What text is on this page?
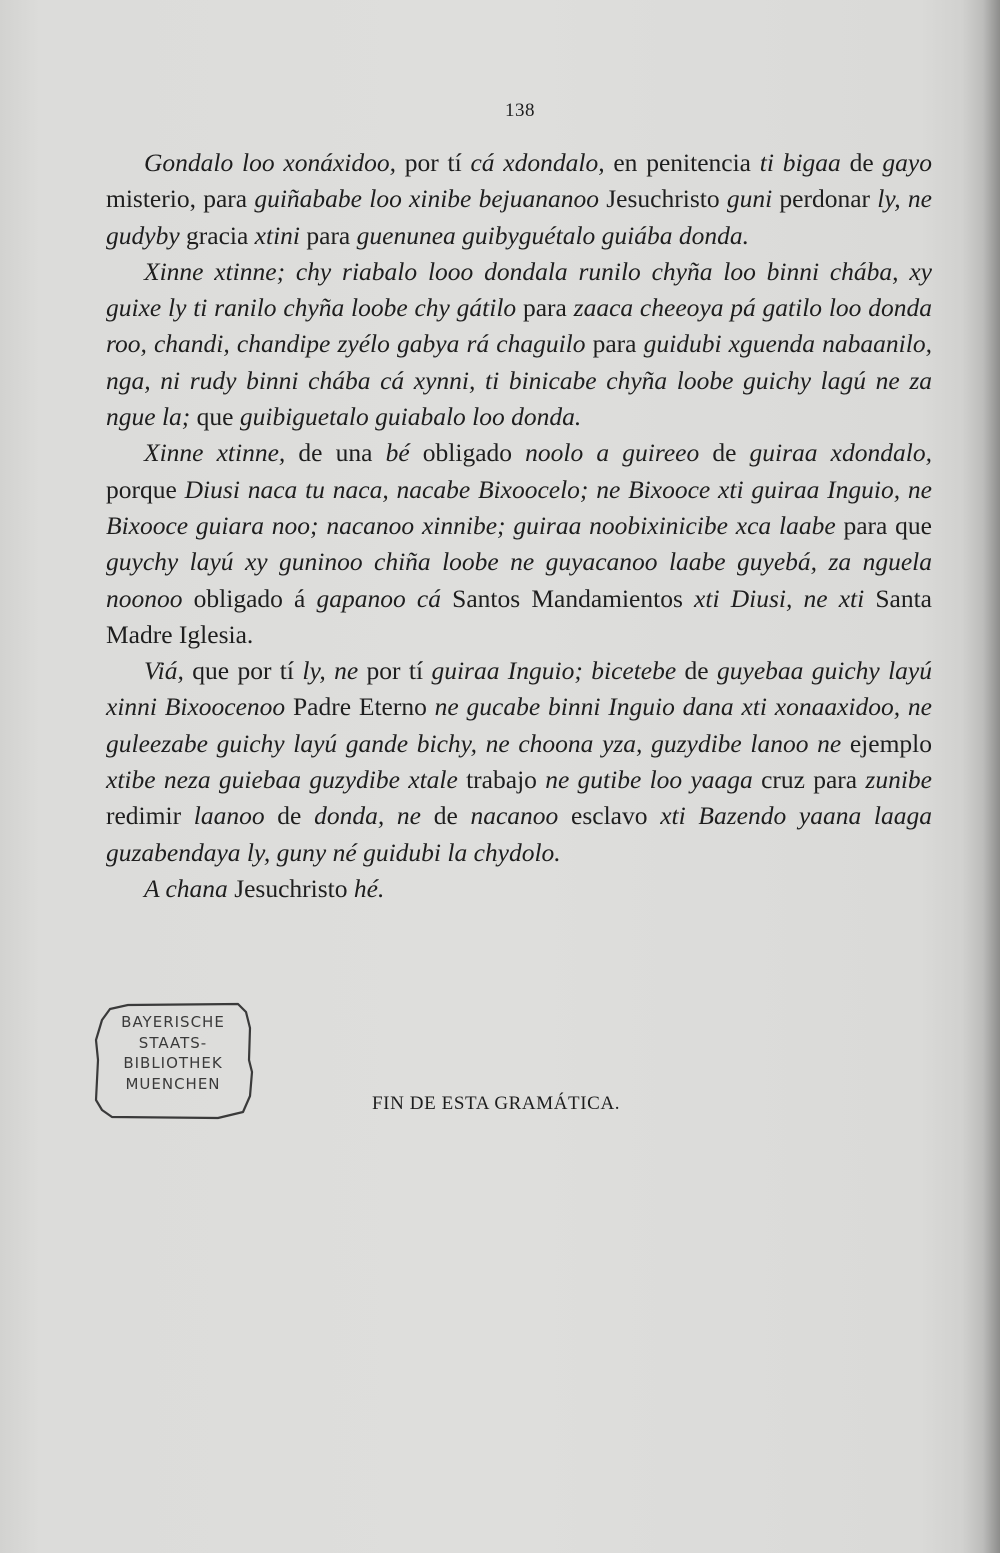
138

Gondalo loo xonáxidoo, por tí cá xdondalo, en penitencia ti bigaa de gayo misterio, para guiñababe loo xinibe bejuananoo Jesuchristo guni perdonar ly, ne gudyby gracia xtini para guenunea guibyguétalo guiába donda.

Xinne xtinne; chy riabalo looo dondala runilo chyña loo binni chába, xy guixe ly ti ranilo chyña loobe chy gátilo para zaaca cheeoya pá gatilo loo donda roo, chandi, chandipe zyélo gabya rá chaguilo para guidubi xguenda nabaanilo, nga, ni rudy binni chába cá xynni, ti binicabe chyña loobe guichy lagú ne za ngue la; que guibiguetalo guiabalo loo donda.

Xinne xtinne, de una bé obligado noolo a guireeo de guiraa xdondalo, porque Diusi naca tu naca, nacabe Bixoocelo; ne Bixooce xti guiraa Inguio, ne Bixooce guiara noo; nacanoo xinnibe; guiraa noobixinicibe xca laabe para que guychy layú xy guninoo chiña loobe ne guyacanoo laabe guyebá, za nguela noonoo obligado á gapanoo cá Santos Mandamientos xti Diusi, ne xti Santa Madre Iglesia.

Viá, que por tí ly, ne por tí guiraa Inguio; bicetebe de guyebaa guichy layú xinni Bixoocenoo Padre Eterno ne gucabe binni Inguio dana xti xonaaxidoo, ne guleezabe guichy layú gande bichy, ne choona yza, guzydibe lanoo ne ejemplo xtibe neza guiebaa guzydibe xtale trabajo ne gutibe loo yaaga cruz para zunibe redimir laanoo de donda, ne de nacanoo esclavo xti Bazendo yaana laaga guzabendaya ly, guny né guidubi la chydolo.

A chana Jesuchristo hé.

BAYERISCHE
STAATS-
BIBLIOTHEK
MUENCHEN
FIN DE ESTA GRAMÁTICA.
